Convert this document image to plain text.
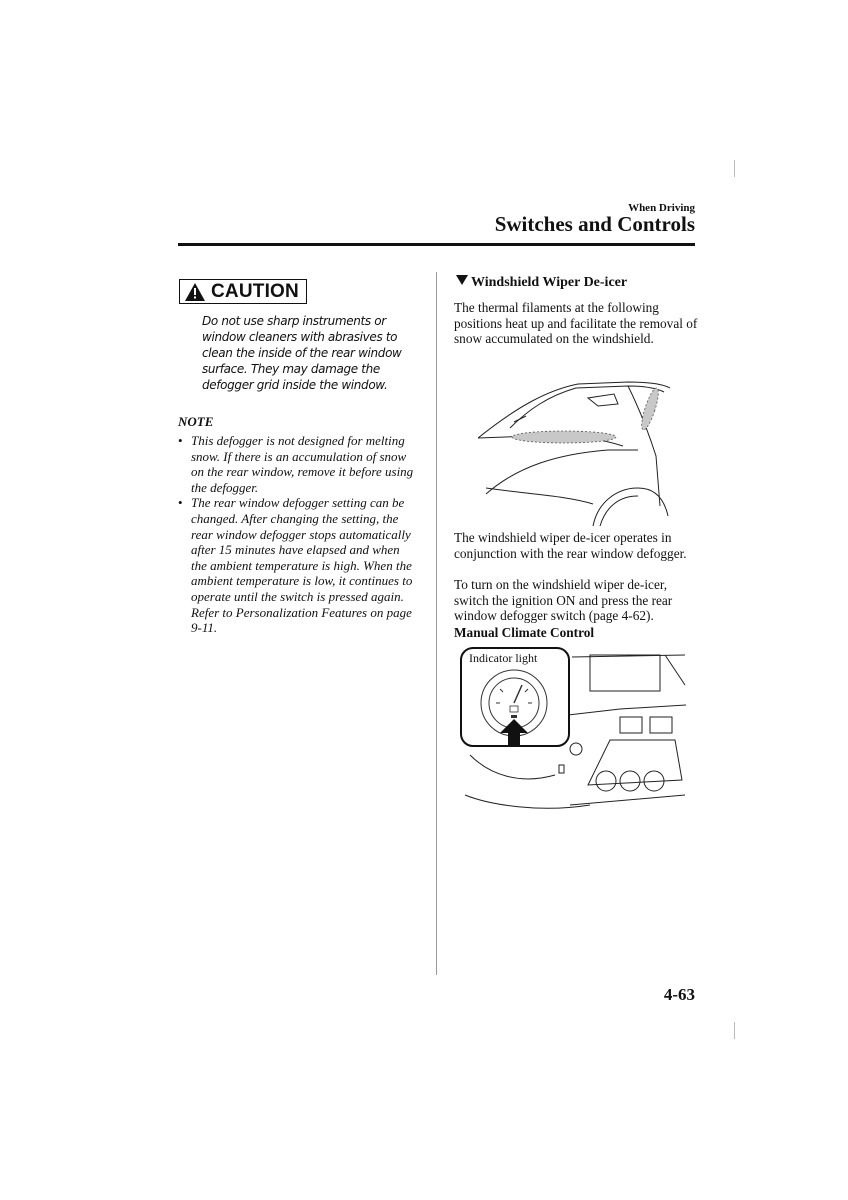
When Driving
Switches and Controls
CAUTION
Do not use sharp instruments or window cleaners with abrasives to clean the inside of the rear window surface. They may damage the defogger grid inside the window.
NOTE
• This defogger is not designed for melting snow. If there is an accumulation of snow on the rear window, remove it before using the defogger.
• The rear window defogger setting can be changed. After changing the setting, the rear window defogger stops automatically after 15 minutes have elapsed and when the ambient temperature is high. When the ambient temperature is low, it continues to operate until the switch is pressed again. Refer to Personalization Features on page 9-11.
Windshield Wiper De-icer
The thermal filaments at the following positions heat up and facilitate the removal of snow accumulated on the windshield.
The windshield wiper de-icer operates in conjunction with the rear window defogger.
To turn on the windshield wiper de-icer, switch the ignition ON and press the rear window defogger switch (page 4-62).
Manual Climate Control
Indicator light
4-63
